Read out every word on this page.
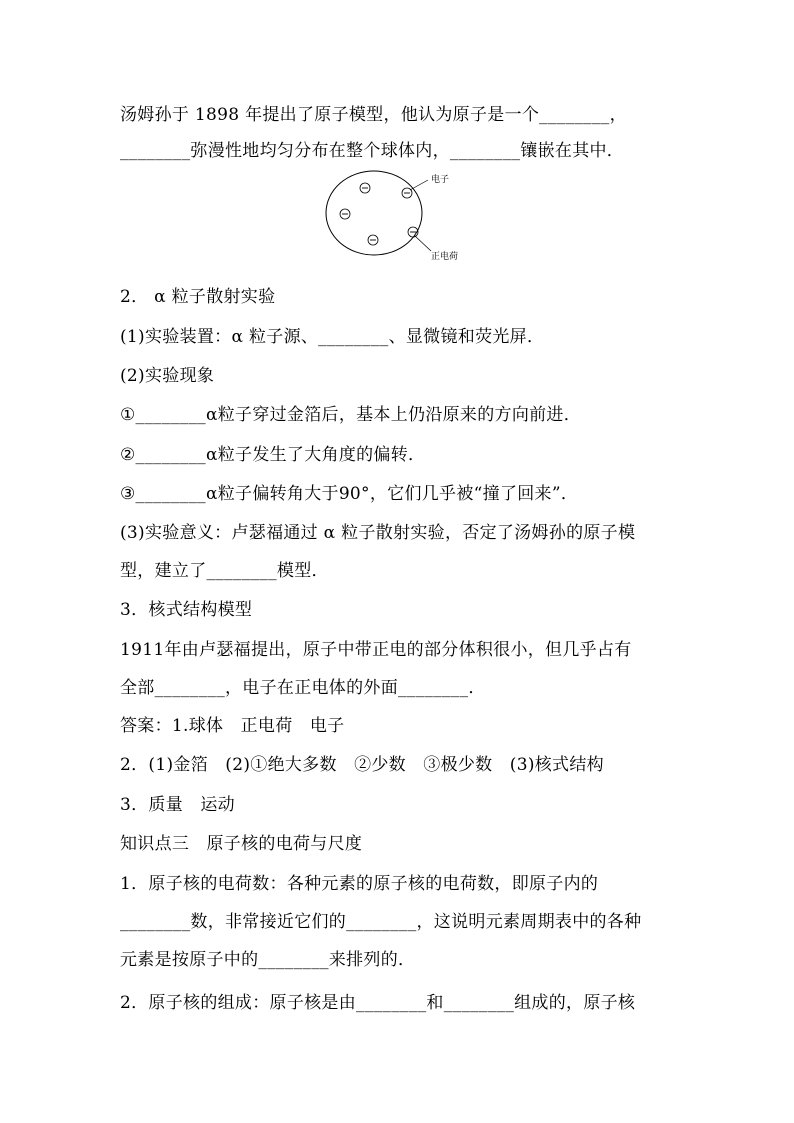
汤姆孙于 1898 年提出了原子模型，他认为原子是一个________，
________弥漫性地均匀分布在整个球体内，________镶嵌在其中．
电子
正电荷
2． α 粒子散射实验
(1)实验装置：α 粒子源、________、显微镜和荧光屏．
(2)实验现象
①________α粒子穿过金箔后，基本上仍沿原来的方向前进．
②________α粒子发生了大角度的偏转．
③________α粒子偏转角大于90°，它们几乎被“撞了回来”．
(3)实验意义：卢瑟福通过 α 粒子散射实验，否定了汤姆孙的原子模
型，建立了________模型．
3．核式结构模型
1911年由卢瑟福提出，原子中带正电的部分体积很小，但几乎占有
全部________，电子在正电体的外面________．
答案：1.球体　正电荷　电子
2．(1)金箔　(2)①绝大多数　②少数　③极少数　(3)核式结构
3．质量　运动
知识点三　原子核的电荷与尺度
1．原子核的电荷数：各种元素的原子核的电荷数，即原子内的
________数，非常接近它们的________，这说明元素周期表中的各种
元素是按原子中的________来排列的．
2．原子核的组成：原子核是由________和________组成的，原子核
